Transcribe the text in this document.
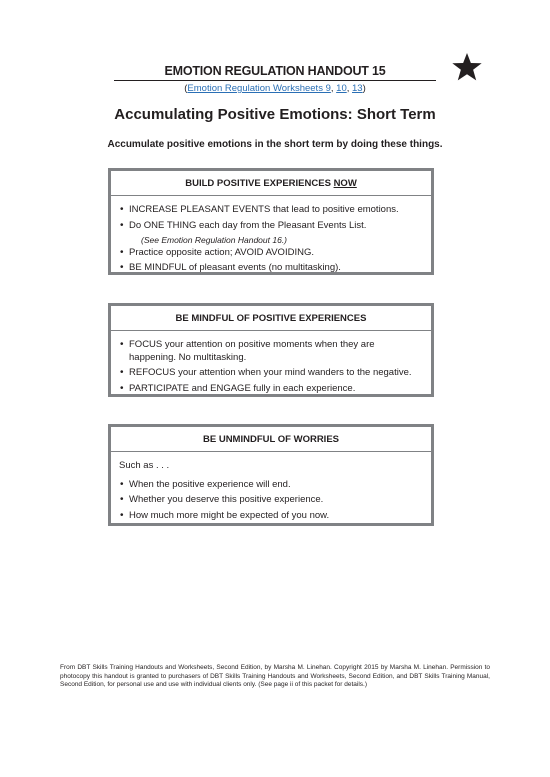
EMOTION REGULATION HANDOUT 15
(Emotion Regulation Worksheets 9, 10, 13)
Accumulating Positive Emotions: Short Term
Accumulate positive emotions in the short term by doing these things.
BUILD POSITIVE EXPERIENCES NOW
• INCREASE PLEASANT EVENTS that lead to positive emotions.
• Do ONE THING each day from the Pleasant Events List.
(See Emotion Regulation Handout 16.)
• Practice opposite action; AVOID AVOIDING.
• BE MINDFUL of pleasant events (no multitasking).
BE MINDFUL OF POSITIVE EXPERIENCES
• FOCUS your attention on positive moments when they are happening. No multitasking.
• REFOCUS your attention when your mind wanders to the negative.
• PARTICIPATE and ENGAGE fully in each experience.
BE UNMINDFUL OF WORRIES
Such as . . .
• When the positive experience will end.
• Whether you deserve this positive experience.
• How much more might be expected of you now.
From DBT Skills Training Handouts and Worksheets, Second Edition, by Marsha M. Linehan. Copyright 2015 by Marsha M. Linehan. Permission to photocopy this handout is granted to purchasers of DBT Skills Training Handouts and Worksheets, Second Edition, and DBT Skills Training Manual, Second Edition, for personal use and use with individual clients only. (See page ii of this packet for details.)
